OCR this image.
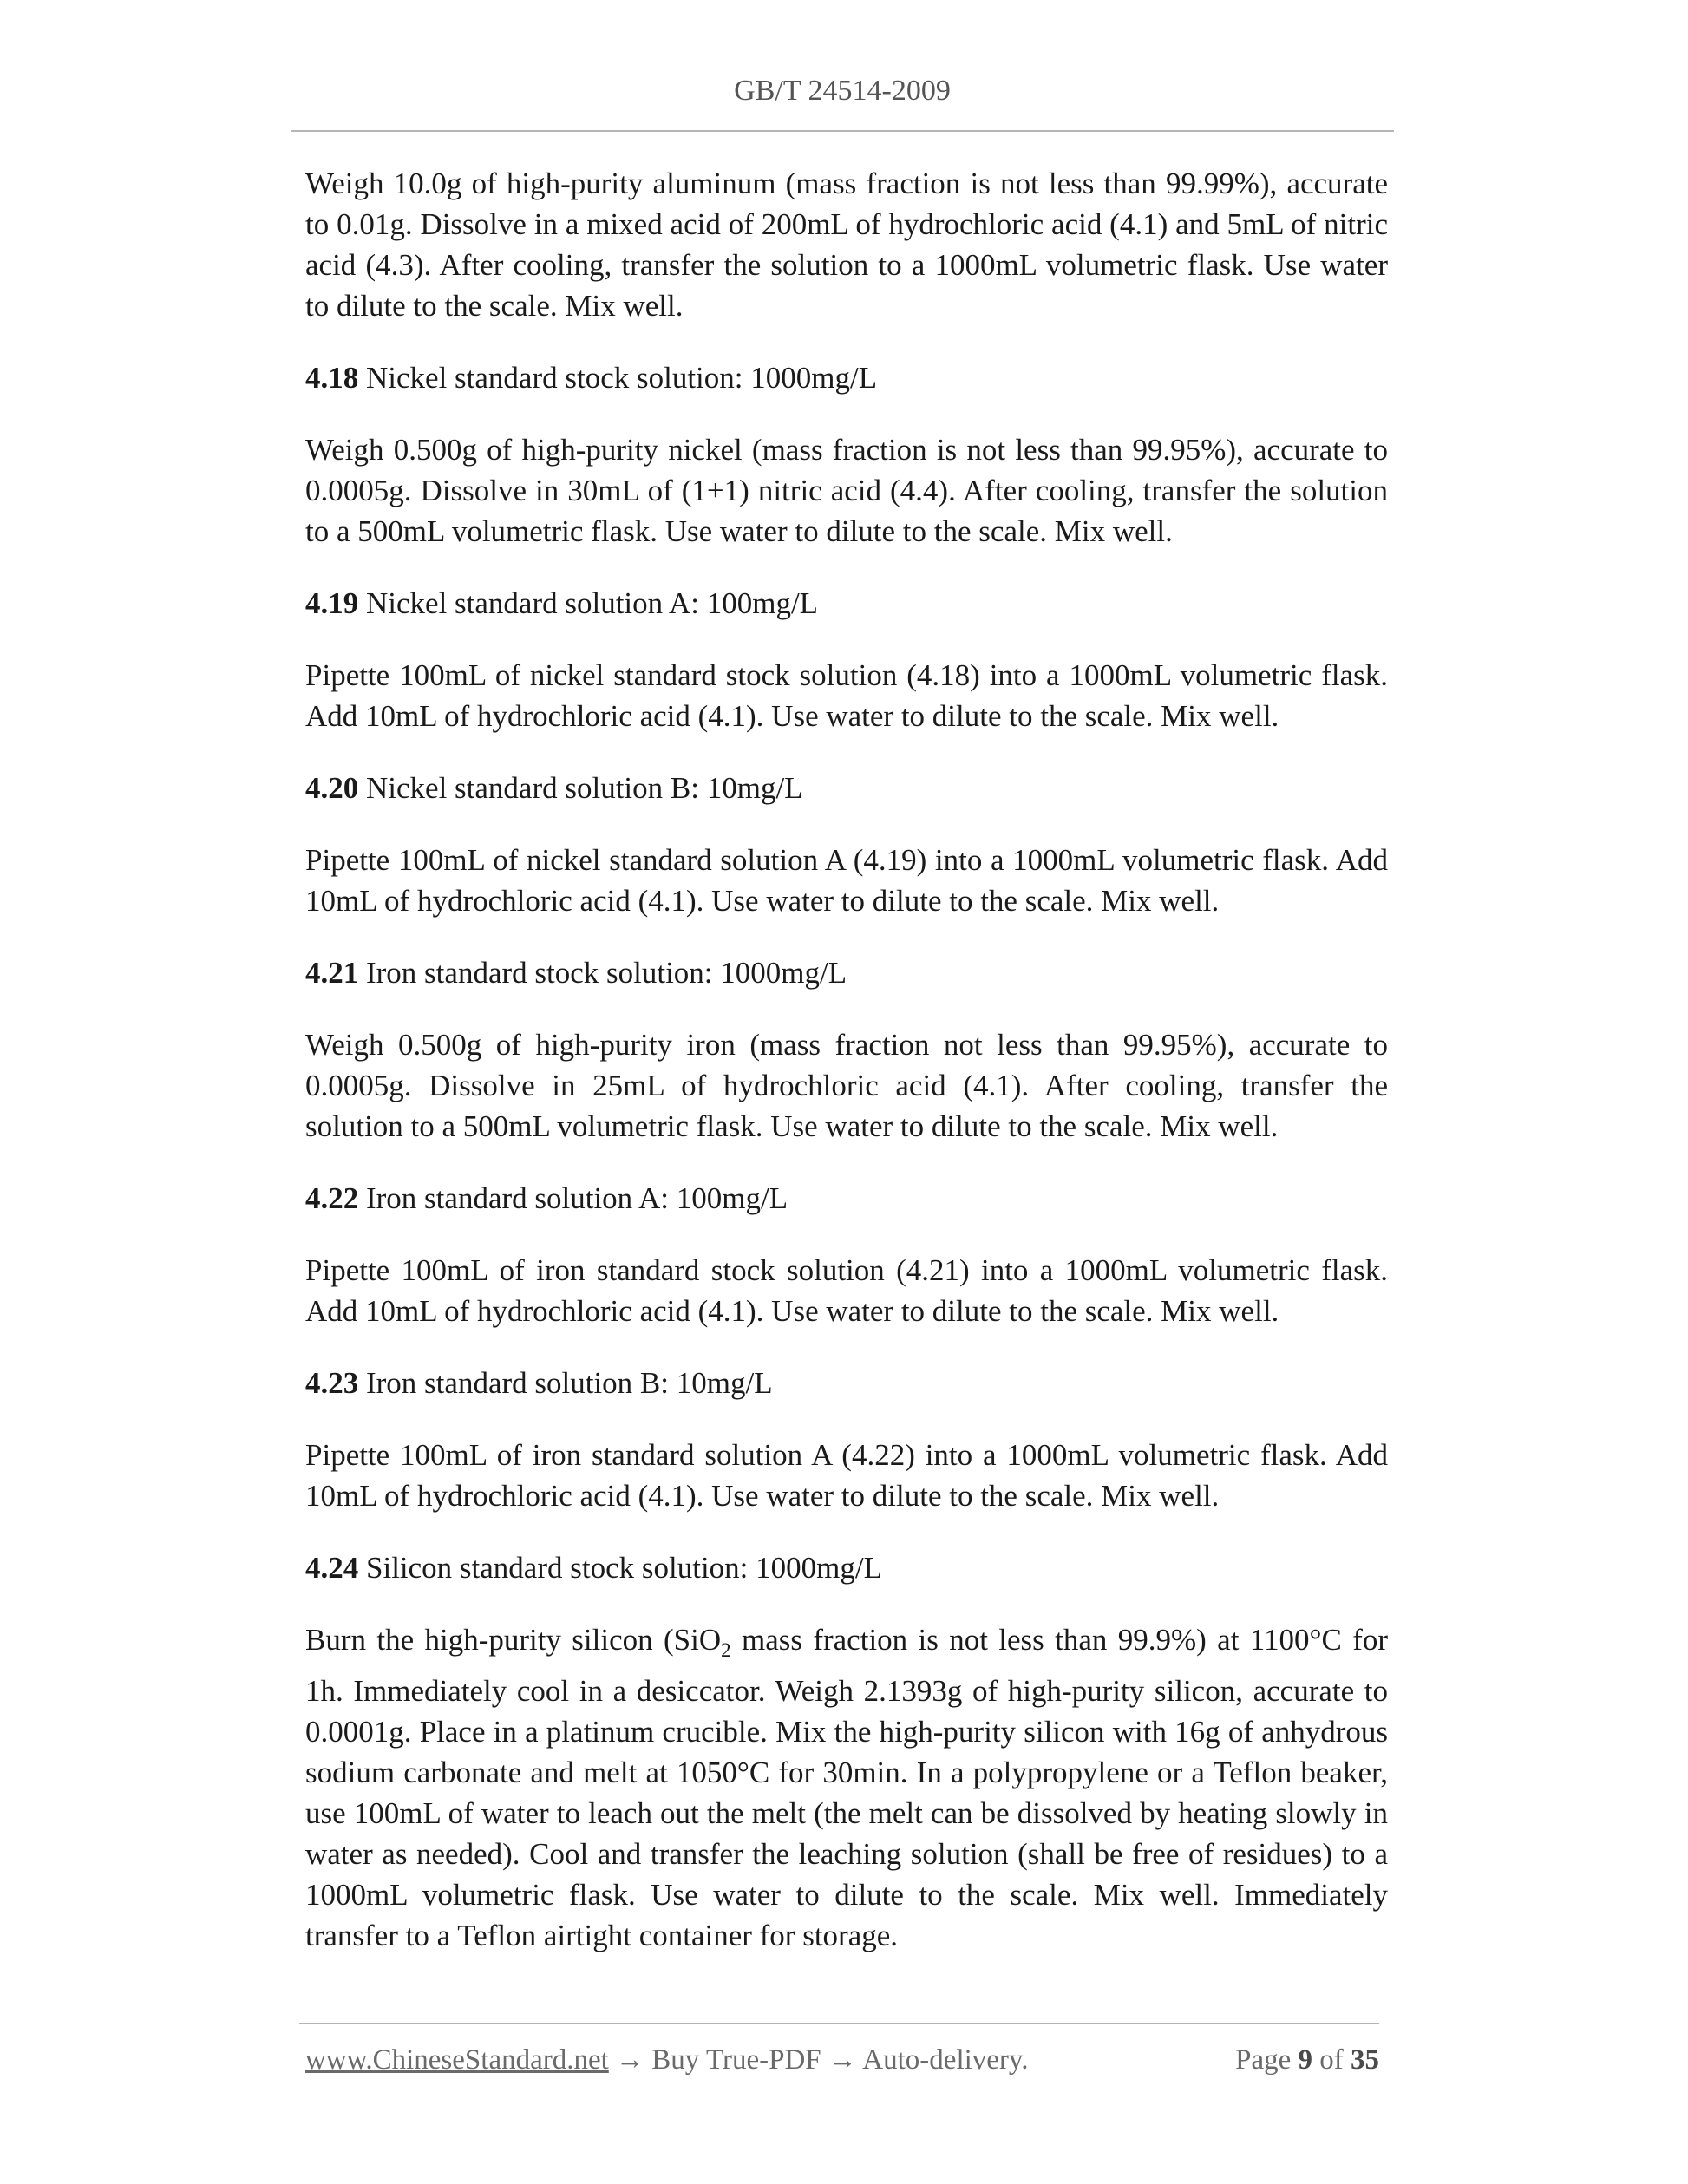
GB/T 24514-2009

Weigh 10.0g of high-purity aluminum (mass fraction is not less than 99.99%), accurate to 0.01g. Dissolve in a mixed acid of 200mL of hydrochloric acid (4.1) and 5mL of nitric acid (4.3). After cooling, transfer the solution to a 1000mL volumetric flask. Use water to dilute to the scale. Mix well.

4.18 Nickel standard stock solution: 1000mg/L

Weigh 0.500g of high-purity nickel (mass fraction is not less than 99.95%), accurate to 0.0005g. Dissolve in 30mL of (1+1) nitric acid (4.4). After cooling, transfer the solution to a 500mL volumetric flask. Use water to dilute to the scale. Mix well.

4.19 Nickel standard solution A: 100mg/L

Pipette 100mL of nickel standard stock solution (4.18) into a 1000mL volumetric flask. Add 10mL of hydrochloric acid (4.1). Use water to dilute to the scale. Mix well.

4.20 Nickel standard solution B: 10mg/L

Pipette 100mL of nickel standard solution A (4.19) into a 1000mL volumetric flask. Add 10mL of hydrochloric acid (4.1). Use water to dilute to the scale. Mix well.

4.21 Iron standard stock solution: 1000mg/L

Weigh 0.500g of high-purity iron (mass fraction not less than 99.95%), accurate to 0.0005g. Dissolve in 25mL of hydrochloric acid (4.1). After cooling, transfer the solution to a 500mL volumetric flask. Use water to dilute to the scale. Mix well.

4.22 Iron standard solution A: 100mg/L

Pipette 100mL of iron standard stock solution (4.21) into a 1000mL volumetric flask. Add 10mL of hydrochloric acid (4.1). Use water to dilute to the scale. Mix well.

4.23 Iron standard solution B: 10mg/L

Pipette 100mL of iron standard solution A (4.22) into a 1000mL volumetric flask. Add 10mL of hydrochloric acid (4.1). Use water to dilute to the scale. Mix well.

4.24 Silicon standard stock solution: 1000mg/L

Burn the high-purity silicon (SiO$_2$ mass fraction is not less than 99.9%) at 1100°C for 1h. Immediately cool in a desiccator. Weigh 2.1393g of high-purity silicon, accurate to 0.0001g. Place in a platinum crucible. Mix the high-purity silicon with 16g of anhydrous sodium carbonate and melt at 1050°C for 30min. In a polypropylene or a Teflon beaker, use 100mL of water to leach out the melt (the melt can be dissolved by heating slowly in water as needed). Cool and transfer the leaching solution (shall be free of residues) to a 1000mL volumetric flask. Use water to dilute to the scale. Mix well. Immediately transfer to a Teflon airtight container for storage.

www.ChineseStandard.net → Buy True-PDF → Auto-delivery.	Page 9 of 35
